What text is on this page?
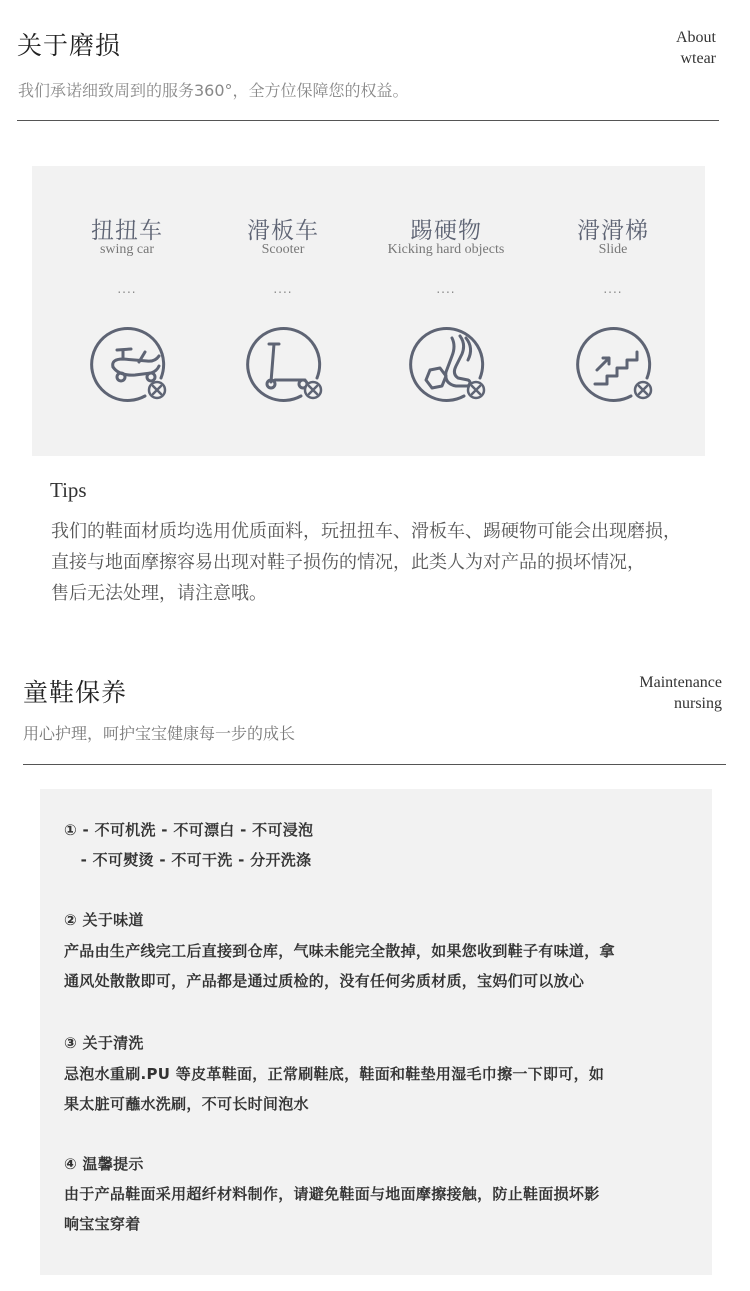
关于磨损	About
wtear
我们承诺细致周到的服务360°，全方位保障您的权益。
扭扭车
swing car
....
滑板车
Scooter
....
踢硬物
Kicking hard objects
....
滑滑梯
Slide
....
Tips
我们的鞋面材质均选用优质面料，玩扭扭车、滑板车、踢硬物可能会出现磨损，
直接与地面摩擦容易出现对鞋子损伤的情况，此类人为对产品的损坏情况，
售后无法处理，请注意哦。
童鞋保养	Maintenance
nursing
用心护理，呵护宝宝健康每一步的成长
① - 不可机洗 - 不可漂白 - 不可浸泡
- 不可熨烫 - 不可干洗 - 分开洗涤
② 关于味道
产品由生产线完工后直接到仓库，气味未能完全散掉，如果您收到鞋子有味道，拿
通风处散散即可，产品都是通过质检的，没有任何劣质材质，宝妈们可以放心
③ 关于清洗
忌泡水重刷.PU 等皮革鞋面，正常刷鞋底，鞋面和鞋垫用湿毛巾擦一下即可，如
果太脏可蘸水洗刷，不可长时间泡水
④ 温馨提示
由于产品鞋面采用超纤材料制作，请避免鞋面与地面摩擦接触，防止鞋面损坏影
响宝宝穿着
